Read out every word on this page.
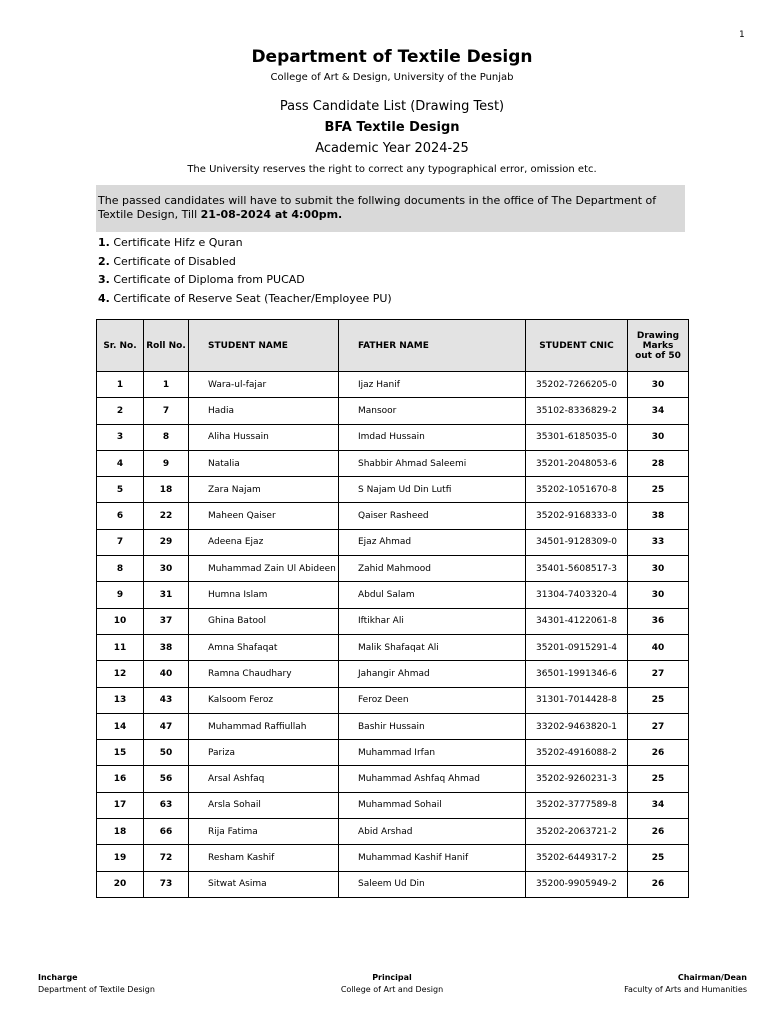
1
Department of Textile Design
College of Art & Design, University of the Punjab
Pass Candidate List (Drawing Test)
BFA Textile Design
Academic Year 2024-25
The University reserves the right to correct any typographical error, omission etc.
The passed candidates will have to submit the follwing documents in the office of The Department of Textile Design, Till 21-08-2024 at 4:00pm.
1. Certificate Hifz e Quran
2. Certificate of Disabled
3. Certificate of Diploma from PUCAD
4. Certificate of Reserve Seat (Teacher/Employee PU)
Sr. No.	Roll No.	STUDENT NAME	FATHER NAME	STUDENT CNIC	Drawing
Marks
out of 50
1	1	Wara-ul-fajar	Ijaz Hanif	35202-7266205-0	30
2	7	Hadia	Mansoor	35102-8336829-2	34
3	8	Aliha Hussain	Imdad Hussain	35301-6185035-0	30
4	9	Natalia	Shabbir Ahmad Saleemi	35201-2048053-6	28
5	18	Zara Najam	S Najam Ud Din Lutfi	35202-1051670-8	25
6	22	Maheen Qaiser	Qaiser Rasheed	35202-9168333-0	38
7	29	Adeena Ejaz	Ejaz Ahmad	34501-9128309-0	33
8	30	Muhammad Zain Ul Abideen	Zahid Mahmood	35401-5608517-3	30
9	31	Humna Islam	Abdul Salam	31304-7403320-4	30
10	37	Ghina Batool	Iftikhar Ali	34301-4122061-8	36
11	38	Amna Shafaqat	Malik Shafaqat Ali	35201-0915291-4	40
12	40	Ramna Chaudhary	Jahangir Ahmad	36501-1991346-6	27
13	43	Kalsoom Feroz	Feroz Deen	31301-7014428-8	25
14	47	Muhammad Raffiullah	Bashir Hussain	33202-9463820-1	27
15	50	Pariza	Muhammad Irfan	35202-4916088-2	26
16	56	Arsal Ashfaq	Muhammad Ashfaq Ahmad	35202-9260231-3	25
17	63	Arsla Sohail	Muhammad Sohail	35202-3777589-8	34
18	66	Rija Fatima	Abid Arshad	35202-2063721-2	26
19	72	Resham Kashif	Muhammad Kashif Hanif	35202-6449317-2	25
20	73	Sitwat Asima	Saleem Ud Din	35200-9905949-2	26
Incharge
Department of Textile Design
Principal
College of Art and Design
Chairman/Dean
Faculty of Arts and Humanities
